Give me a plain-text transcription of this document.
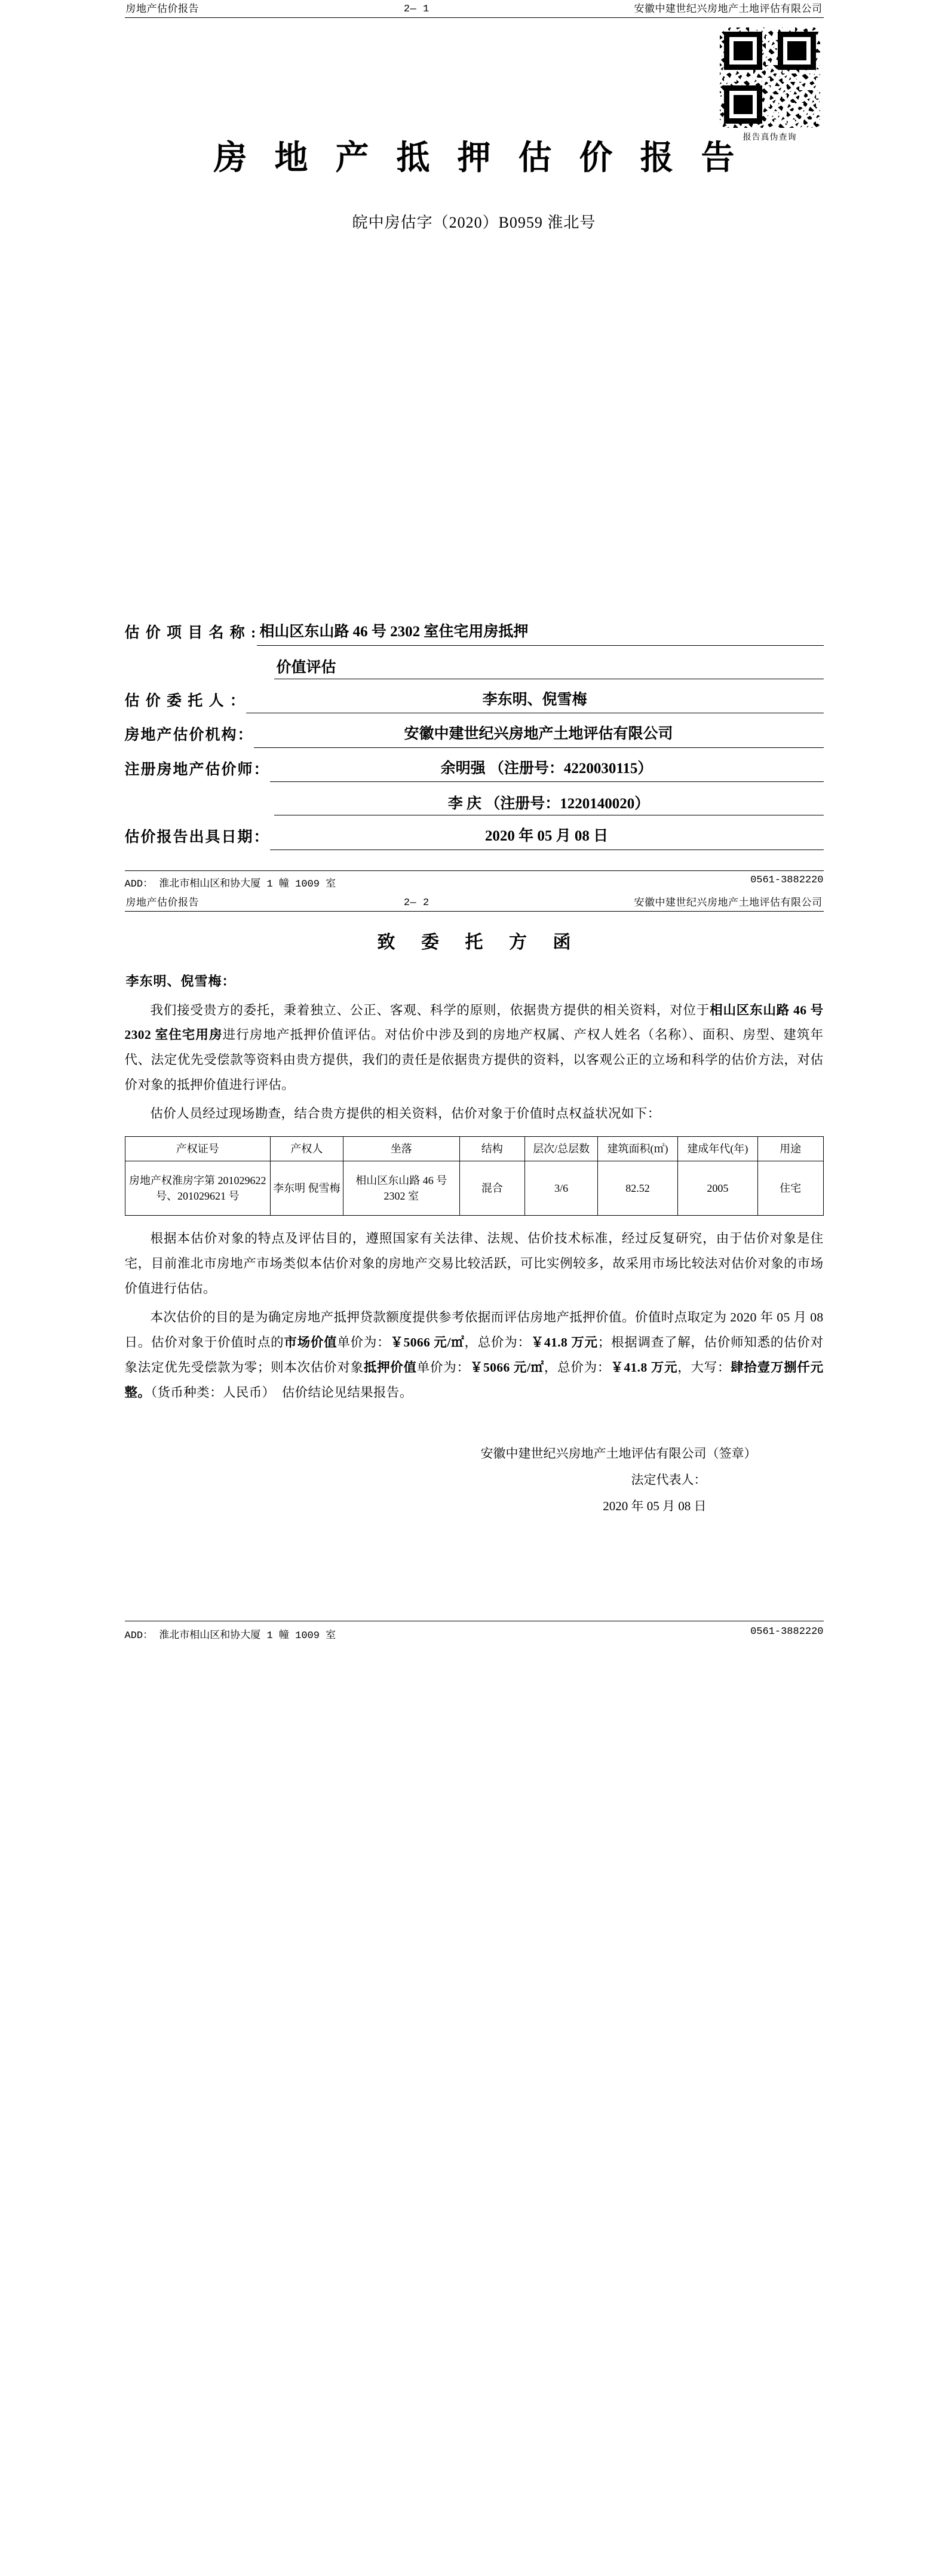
房地产估价报告	2— 1	安徽中建世纪兴房地产土地评估有限公司
报告真伪查询
房 地 产 抵 押 估 价 报 告
皖中房估字（2020）B0959 淮北号
估 价 项 目 名 称 : 相山区东山路 46 号 2302 室住宅用房抵押
价值评估
估 价 委 托 人 ：	李东明、倪雪梅
房地产估价机构：	安徽中建世纪兴房地产土地评估有限公司
注册房地产估价师：	余明强 （注册号：4220030115）
李 庆 （注册号：1220140020）
估价报告出具日期：	2020 年 05 月 08 日
ADD： 淮北市相山区和协大厦 1 幢 1009 室	0561-3882220
房地产估价报告	2— 2	安徽中建世纪兴房地产土地评估有限公司
致 委 托 方 函
李东明、倪雪梅：

我们接受贵方的委托，秉着独立、公正、客观、科学的原则，依据贵方提供的相关资料，对位于相山区东山路 46 号 2302 室住宅用房进行房地产抵押价值评估。对估价中涉及到的房地产权属、产权人姓名（名称）、面积、房型、建筑年代、法定优先受偿款等资料由贵方提供，我们的责任是依据贵方提供的资料，以客观公正的立场和科学的估价方法，对估价对象的抵押价值进行评估。

估价人员经过现场勘查，结合贵方提供的相关资料，估价对象于价值时点权益状况如下：

产权证号	产权人	坐落	结构	层次/总层数	建筑面积(㎡)	建成年代(年)	用途
房地产权淮房字第 201029622 号、201029621 号	李东明 倪雪梅	相山区东山路 46 号 2302 室	混合	3/6	82.52	2005	住宅

根据本估价对象的特点及评估目的，遵照国家有关法律、法规、估价技术标准，经过反复研究，由于估价对象是住宅，目前淮北市房地产市场类似本估价对象的房地产交易比较活跃，可比实例较多，故采用市场比较法对估价对象的市场价值进行估估。

本次估价的目的是为确定房地产抵押贷款额度提供参考依据而评估房地产抵押价值。价值时点取定为 2020 年 05 月 08 日。估价对象于价值时点的市场价值单价为：￥5066 元/㎡，总价为：￥41.8 万元；根据调查了解，估价师知悉的估价对象法定优先受偿款为零；则本次估价对象抵押价值单价为：￥5066 元/㎡，总价为：￥41.8 万元，大写：肆拾壹万捌仟元整。（货币种类：人民币）　估价结论见结果报告。

安徽中建世纪兴房地产土地评估有限公司（签章）
法定代表人：
2020 年 05 月 08 日
ADD： 淮北市相山区和协大厦 1 幢 1009 室	0561-3882220
